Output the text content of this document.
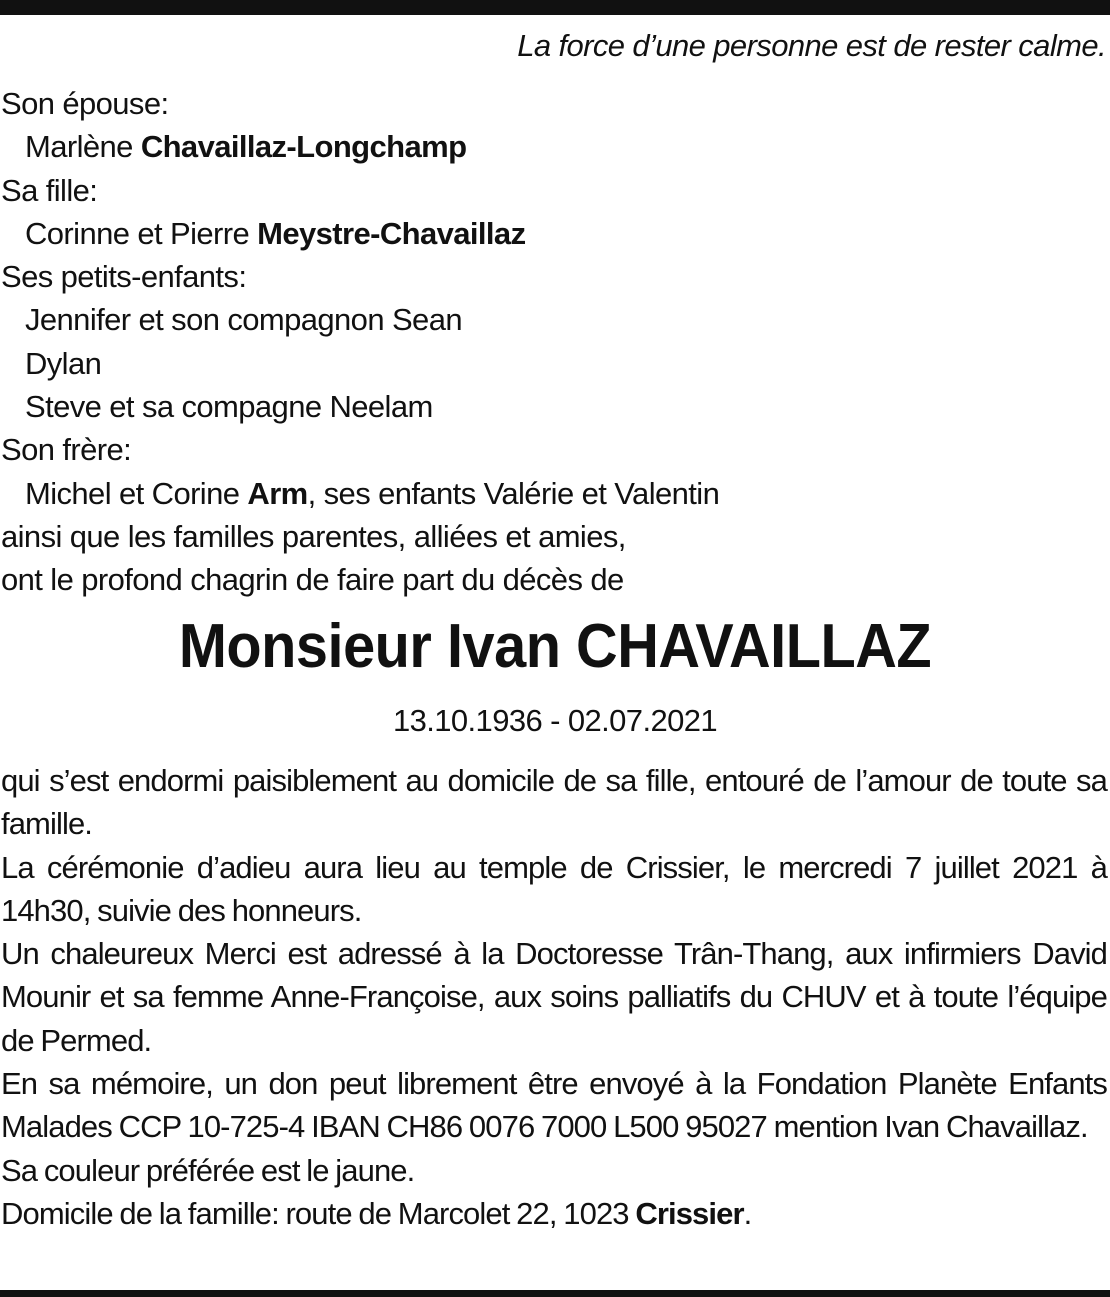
La force d’une personne est de rester calme.
Son épouse:
Marlène Chavaillaz-Longchamp
Sa fille:
Corinne et Pierre Meystre-Chavaillaz
Ses petits-enfants:
Jennifer et son compagnon Sean
Dylan
Steve et sa compagne Neelam
Son frère:
Michel et Corine Arm, ses enfants Valérie et Valentin
ainsi que les familles parentes, alliées et amies,
ont le profond chagrin de faire part du décès de
Monsieur Ivan CHAVAILLAZ
13.10.1936 - 02.07.2021

qui s’est endormi paisiblement au domicile de sa fille, entouré de l’amour de toute sa famille.

La cérémonie d’adieu aura lieu au temple de Crissier, le mercredi 7 juillet 2021 à 14h30, suivie des honneurs.

Un chaleureux Merci est adressé à la Doctoresse Trân-Thang, aux infirmiers David Mounir et sa femme Anne-Françoise, aux soins palliatifs du CHUV et à toute l’équipe de Permed.

En sa mémoire, un don peut librement être envoyé à la Fondation Planète Enfants Malades CCP 10-725-4 IBAN CH86 0076 7000 L500 95027 mention Ivan Chavaillaz.

Sa couleur préférée est le jaune.

Domicile de la famille: route de Marcolet 22, 1023 Crissier.
